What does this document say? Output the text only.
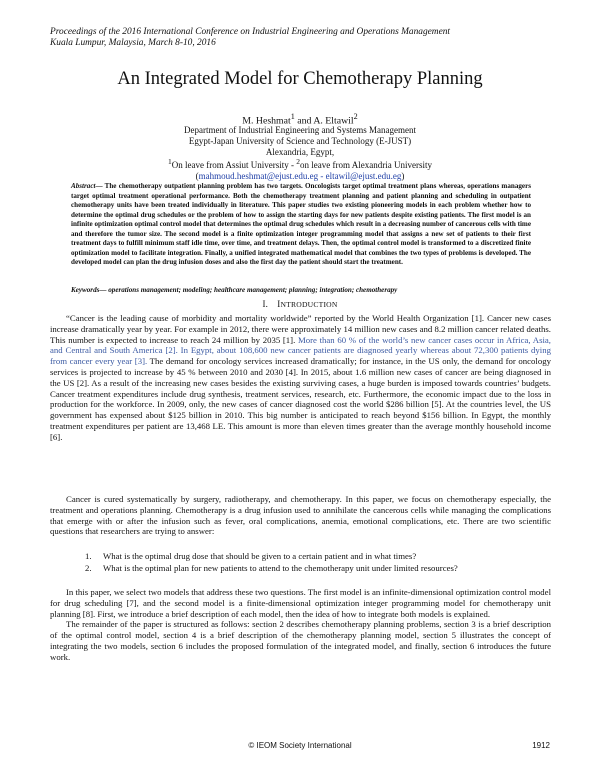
Proceedings of the 2016 International Conference on Industrial Engineering and Operations Management
Kuala Lumpur, Malaysia, March 8-10, 2016
An Integrated Model for Chemotherapy Planning
M. Heshmat$^1$ and A. Eltawil$^2$
Department of Industrial Engineering and Systems Management
Egypt-Japan University of Science and Technology (E-JUST)
Alexandria, Egypt,
$^1$On leave from Assiut University - $^2$on leave from Alexandria University
(mahmoud.heshmat@ejust.edu.eg - eltawil@ejust.edu.eg)
Abstract— The chemotherapy outpatient planning problem has two targets. Oncologists target optimal treatment plans whereas, operations managers target optimal treatment operational performance. Both the chemotherapy treatment planning and patient planning and scheduling in outpatient chemotherapy units have been treated individually in literature. This paper studies two existing pioneering models in each problem whether how to determine the optimal drug schedules or the problem of how to assign the starting days for new patients despite existing patients. The first model is an infinite optimization optimal control model that determines the optimal drug schedules which result in a decreasing number of cancerous cells with time and therefore the tumor size. The second model is a finite optimization integer programming model that assigns a new set of patients to their first treatment days to fulfill minimum staff idle time, over time, and treatment delays. Then, the optimal control model is transformed to a discretized finite optimization model to facilitate integration. Finally, a unified integrated mathematical model that combines the two types of problems is developed. The developed model can plan the drug infusion doses and also the first day the patient should start the treatment.
Keywords— operations management; modeling; healthcare management; planning; integration; chemotherapy
I.  INTRODUCTION

“Cancer is the leading cause of morbidity and mortality worldwide” reported by the World Health Organization [1]. Cancer new cases increase dramatically year by year. For example in 2012, there were approximately 14 million new cases and 8.2 million cancer related deaths. This number is expected to increase to reach 24 million by 2035 [1]. More than 60 % of the world’s new cancer cases occur in Africa, Asia, and Central and South America [2]. In Egypt, about 108,600 new cancer patients are diagnosed yearly whereas about 72,300 patients dying from cancer every year [3]. The demand for oncology services increased dramatically; for instance, in the US only, the demand for oncology services is projected to increase by 45 % between 2010 and 2030 [4]. In 2015, about 1.6 million new cases of cancer are being diagnosed in the US [2]. As a result of the increasing new cases besides the existing surviving cases, a huge burden is imposed towards countries’ budgets. Cancer treatment expenditures include drug synthesis, treatment services, research, etc. Furthermore, the economic impact due to the loss in production for the workforce. In 2009, only, the new cases of cancer diagnosed cost the world $286 billion [5]. At the countries level, the US government has expensed about $125 billion in 2010. This big number is anticipated to reach beyond $156 billion. In Egypt, the monthly treatment expenditures per patient are 13,468 LE. This amount is more than eleven times greater than the average monthly household income [6].

Cancer is cured systematically by surgery, radiotherapy, and chemotherapy. In this paper, we focus on chemotherapy especially, the treatment and operations planning. Chemotherapy is a drug infusion used to annihilate the cancerous cells while managing the complications that emerge with or after the infusion such as fever, oral complications, anemia, emotional complications, etc. There are two scientific questions that researchers are trying to answer:

1. What is the optimal drug dose that should be given to a certain patient and in what times?
2. What is the optimal plan for new patients to attend to the chemotherapy unit under limited resources?

In this paper, we select two models that address these two questions. The first model is an infinite-dimensional optimization control model for drug scheduling [7], and the second model is a finite-dimensional optimization integer programming model for chemotherapy unit planning [8]. First, we introduce a brief description of each model, then the idea of how to integrate both models is explained.

The remainder of the paper is structured as follows: section 2 describes chemotherapy planning problems, section 3 is a brief description of the optimal control model, section 4 is a brief description of the chemotherapy planning model, section 5 illustrates the concept of integrating the two models, section 6 includes the proposed formulation of the integrated model, and finally, section 6 introduces the future work.

© IEOM Society International	1912
